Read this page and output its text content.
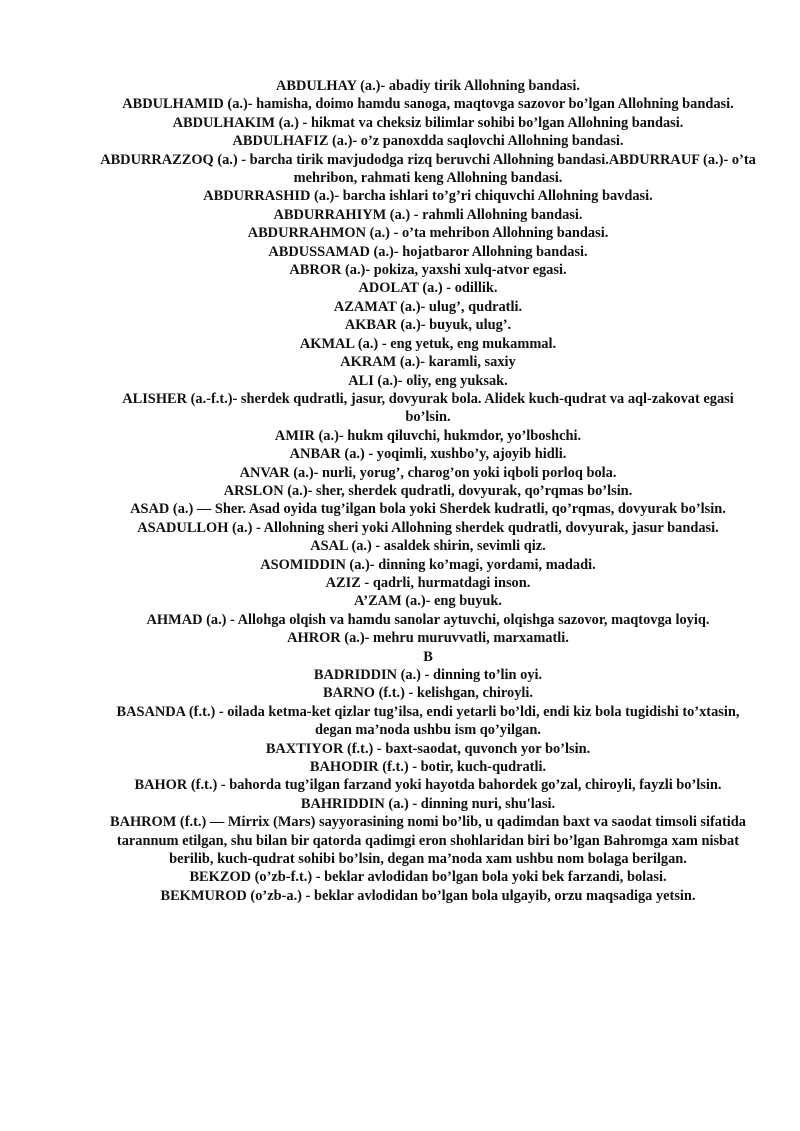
ABDULHAY (a.)- abadiy tirik Allohning bandasi.

ABDULHAMID (a.)- hamisha, doimo hamdu sanoga, maqtovga sazovor bo’lgan Allohning bandasi.

ABDULHAKIM (a.) - hikmat va cheksiz bilimlar sohibi bo’lgan Allohning bandasi.

ABDULHAFIZ (a.)- o’z panoxdda saqlovchi Allohning bandasi.

ABDURRAZZOQ (a.) - barcha tirik mavjudodga rizq beruvchi Allohning bandasi.ABDURRAUF (a.)- o’ta mehribon, rahmati keng Allohning bandasi.

ABDURRASHID (a.)- barcha ishlari to’g’ri chiquvchi Allohning bavdasi.

ABDURRAHIYM (a.) - rahmli Allohning bandasi.

ABDURRAHMON (a.) - o’ta mehribon Allohning bandasi.

ABDUSSAMAD (a.)- hojatbaror Allohning bandasi.

ABROR (a.)- pokiza, yaxshi xulq-atvor egasi.

ADOLAT (a.) - odillik.

AZAMAT (a.)- ulug’, qudratli.

AKBAR (a.)- buyuk, ulug’.

AKMAL (a.) - eng yetuk, eng mukammal.

AKRAM (a.)- karamli, saxiy

ALI (a.)- oliy, eng yuksak.

ALISHER (a.-f.t.)- sherdek qudratli, jasur, dovyurak bola. Alidek kuch-qudrat va aql-zakovat egasi bo’lsin.

AMIR (a.)- hukm qiluvchi, hukmdor, yo’lboshchi.

ANBAR (a.) - yoqimli, xushbo’y, ajoyib hidli.

ANVAR (a.)- nurli, yorug’, charog’on yoki iqboli porloq bola.

ARSLON (a.)- sher, sherdek qudratli, dovyurak, qo’rqmas bo’lsin.

ASAD (a.) — Sher. Asad oyida tug’ilgan bola yoki Sherdek kudratli, qo’rqmas, dovyurak bo’lsin.

ASADULLOH (a.) - Allohning sheri yoki Allohning sherdek qudratli, dovyurak, jasur bandasi.

ASAL (a.) - asaldek shirin, sevimli qiz.

ASOMIDDIN (a.)- dinning ko’magi, yordami, madadi.

AZIZ - qadrli, hurmatdagi inson.

A’ZAM (a.)- eng buyuk.

AHMAD (a.) - Allohga olqish va hamdu sanolar aytuvchi, olqishga sazovor, maqtovga loyiq.

AHROR (a.)- mehru muruvvatli, marxamatli.

B

BADRIDDIN (a.) - dinning to’lin oyi.

BARNO (f.t.) - kelishgan, chiroyli.

BASANDA (f.t.) - oilada ketma-ket qizlar tug’ilsa, endi yetarli bo’ldi, endi kiz bola tugidishi to’xtasin, degan ma’noda ushbu ism qo’yilgan.

BAXTIYOR (f.t.) - baxt-saodat, quvonch yor bo’lsin.

BAHODIR (f.t.) - botir, kuch-qudratli.

BAHOR (f.t.) - bahorda tug’ilgan farzand yoki hayotda bahordek go’zal, chiroyli, fayzli bo’lsin. BAHRIDDIN (a.) - dinning nuri, shu'lasi.

BAHROM (f.t.) — Mirrix (Mars) sayyorasining nomi bo’lib, u qadimdan baxt va saodat timsoli sifatida tarannum etilgan, shu bilan bir qatorda qadimgi eron shohlaridan biri bo’lgan Bahromga xam nisbat berilib, kuch-qudrat sohibi bo’lsin, degan ma’noda xam ushbu nom bolaga berilgan.

BEKZOD (o’zb-f.t.) - beklar avlodidan bo’lgan bola yoki bek farzandi, bolasi.

BEKMUROD (o’zb-a.) - beklar avlodidan bo’lgan bola ulgayib, orzu maqsadiga yetsin.
